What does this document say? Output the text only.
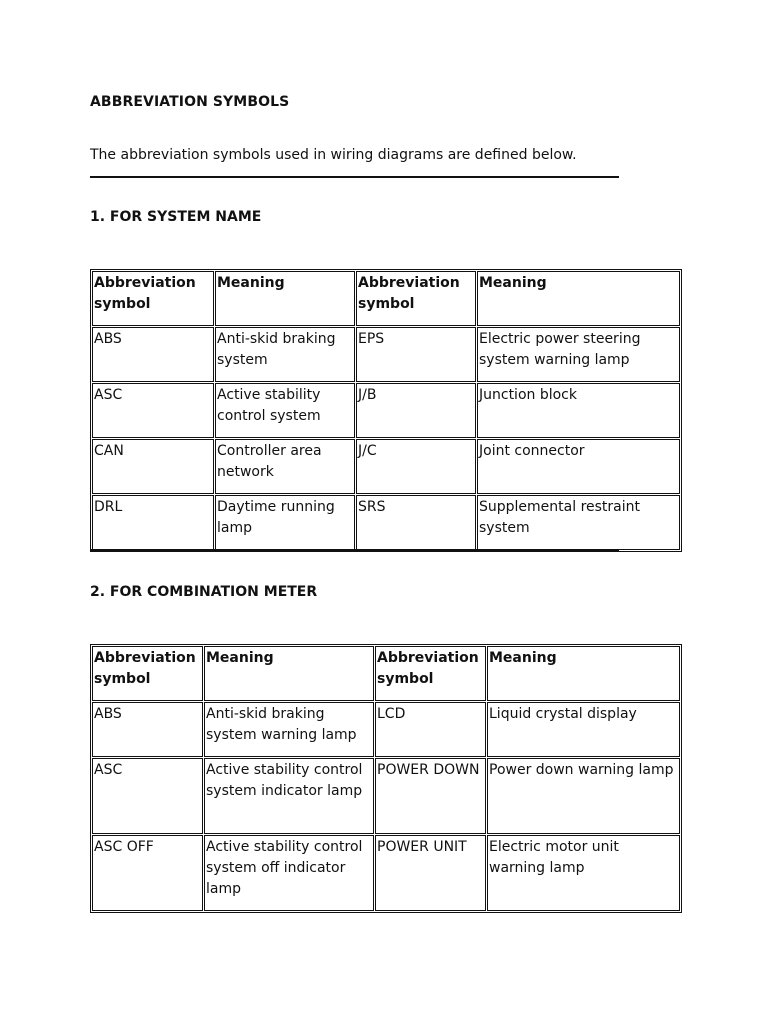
ABBREVIATION SYMBOLS
The abbreviation symbols used in wiring diagrams are defined below.
1. FOR SYSTEM NAME
Abbreviation symbol	Meaning	Abbreviation symbol	Meaning
ABS	Anti-skid braking system	EPS	Electric power steering system warning lamp
ASC	Active stability control system	J/B	Junction block
CAN	Controller area network	J/C	Joint connector
DRL	Daytime running lamp	SRS	Supplemental restraint system
2. FOR COMBINATION METER
Abbreviation symbol	Meaning	Abbreviation symbol	Meaning
ABS	Anti-skid braking system warning lamp	LCD	Liquid crystal display
ASC	Active stability control system indicator lamp	POWER DOWN	Power down warning lamp
ASC OFF	Active stability control system off indicator lamp	POWER UNIT	Electric motor unit warning lamp
